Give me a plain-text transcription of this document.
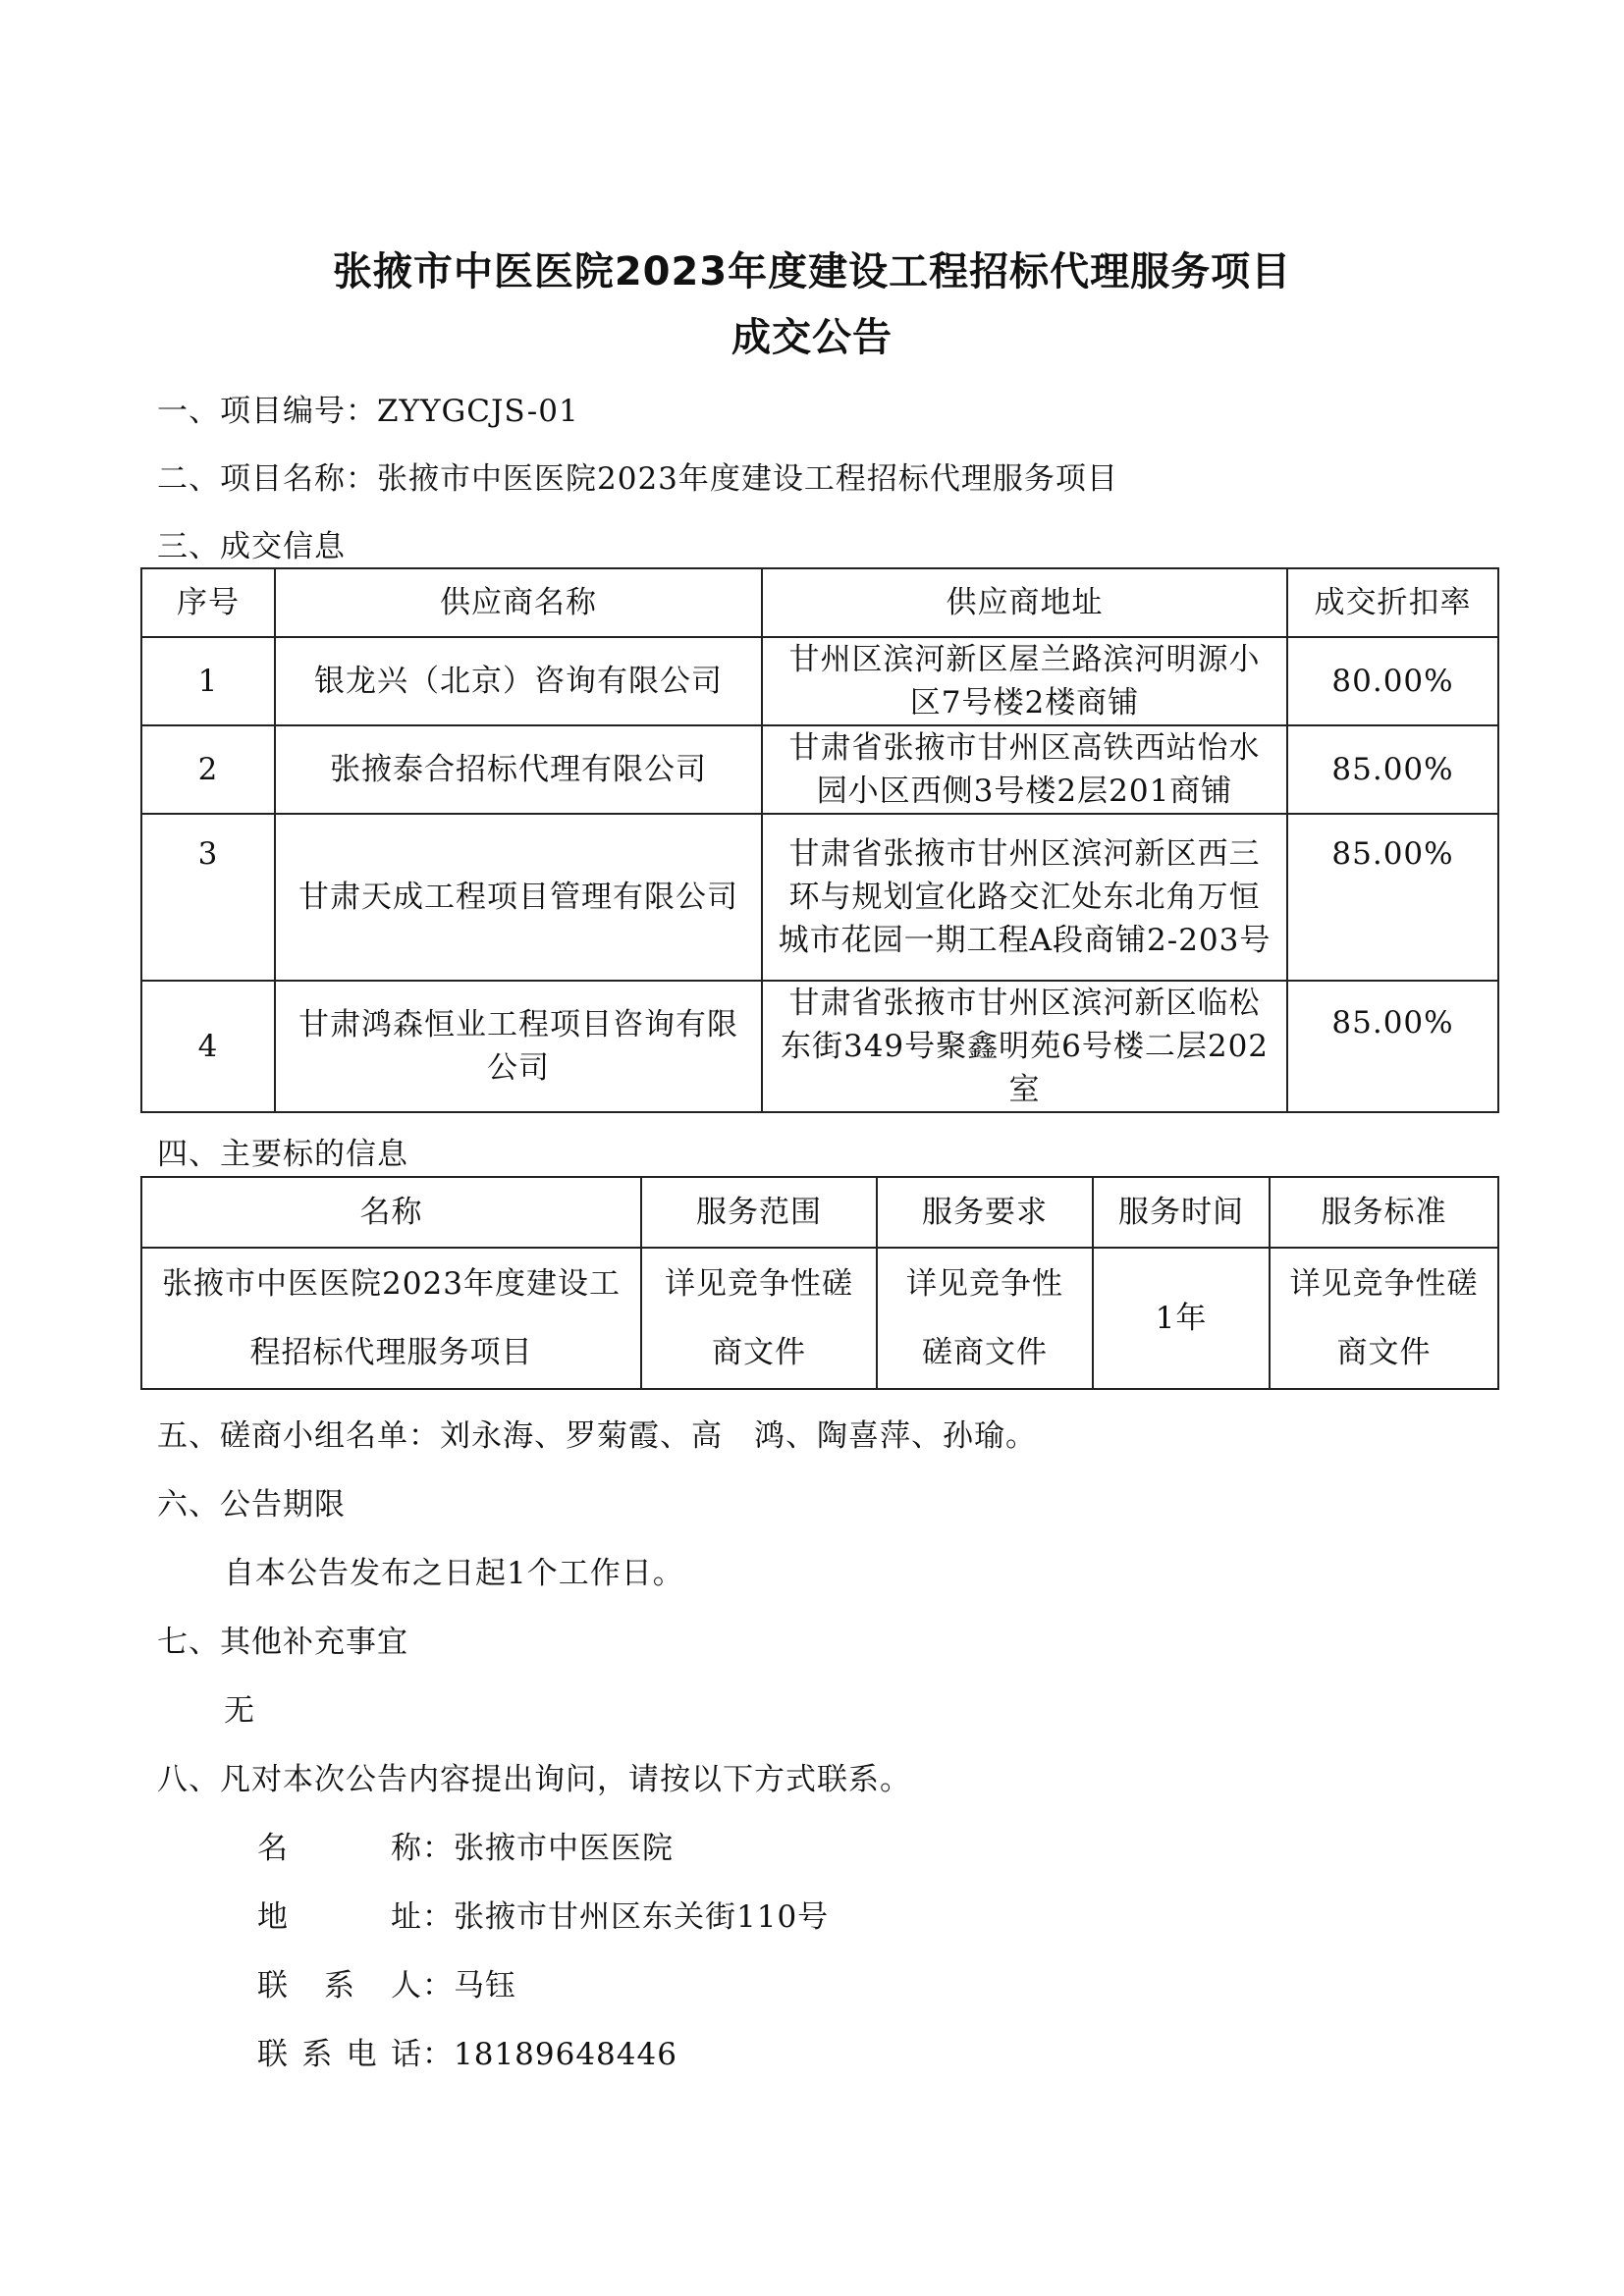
张掖市中医医院2023年度建设工程招标代理服务项目
成交公告
一、项目编号：ZYYGCJS-01
二、项目名称：张掖市中医医院2023年度建设工程招标代理服务项目
三、成交信息
序号	供应商名称	供应商地址	成交折扣率
1	银龙兴（北京）咨询有限公司	甘州区滨河新区屋兰路滨河明源小区7号楼2楼商铺	80.00%
2	张掖泰合招标代理有限公司	甘肃省张掖市甘州区高铁西站怡水园小区西侧3号楼2层201商铺	85.00%
3	甘肃天成工程项目管理有限公司	甘肃省张掖市甘州区滨河新区西三环与规划宣化路交汇处东北角万恒城市花园一期工程A段商铺2-203号	85.00%
4	甘肃鸿森恒业工程项目咨询有限公司	甘肃省张掖市甘州区滨河新区临松东街349号聚鑫明苑6号楼二层202室	85.00%
四、主要标的信息
名称	服务范围	服务要求	服务时间	服务标准
张掖市中医医院2023年度建设工程招标代理服务项目	详见竞争性磋商文件	详见竞争性磋商文件	1年	详见竞争性磋商文件
五、磋商小组名单：刘永海、罗菊霞、高　鸿、陶喜萍、孙瑜。
六、公告期限
自本公告发布之日起1个工作日。
七、其他补充事宜
无
八、凡对本次公告内容提出询问，请按以下方式联系。
名称：张掖市中医医院
地址：张掖市甘州区东关街110号
联系人：马钰
联系电话：18189648446
